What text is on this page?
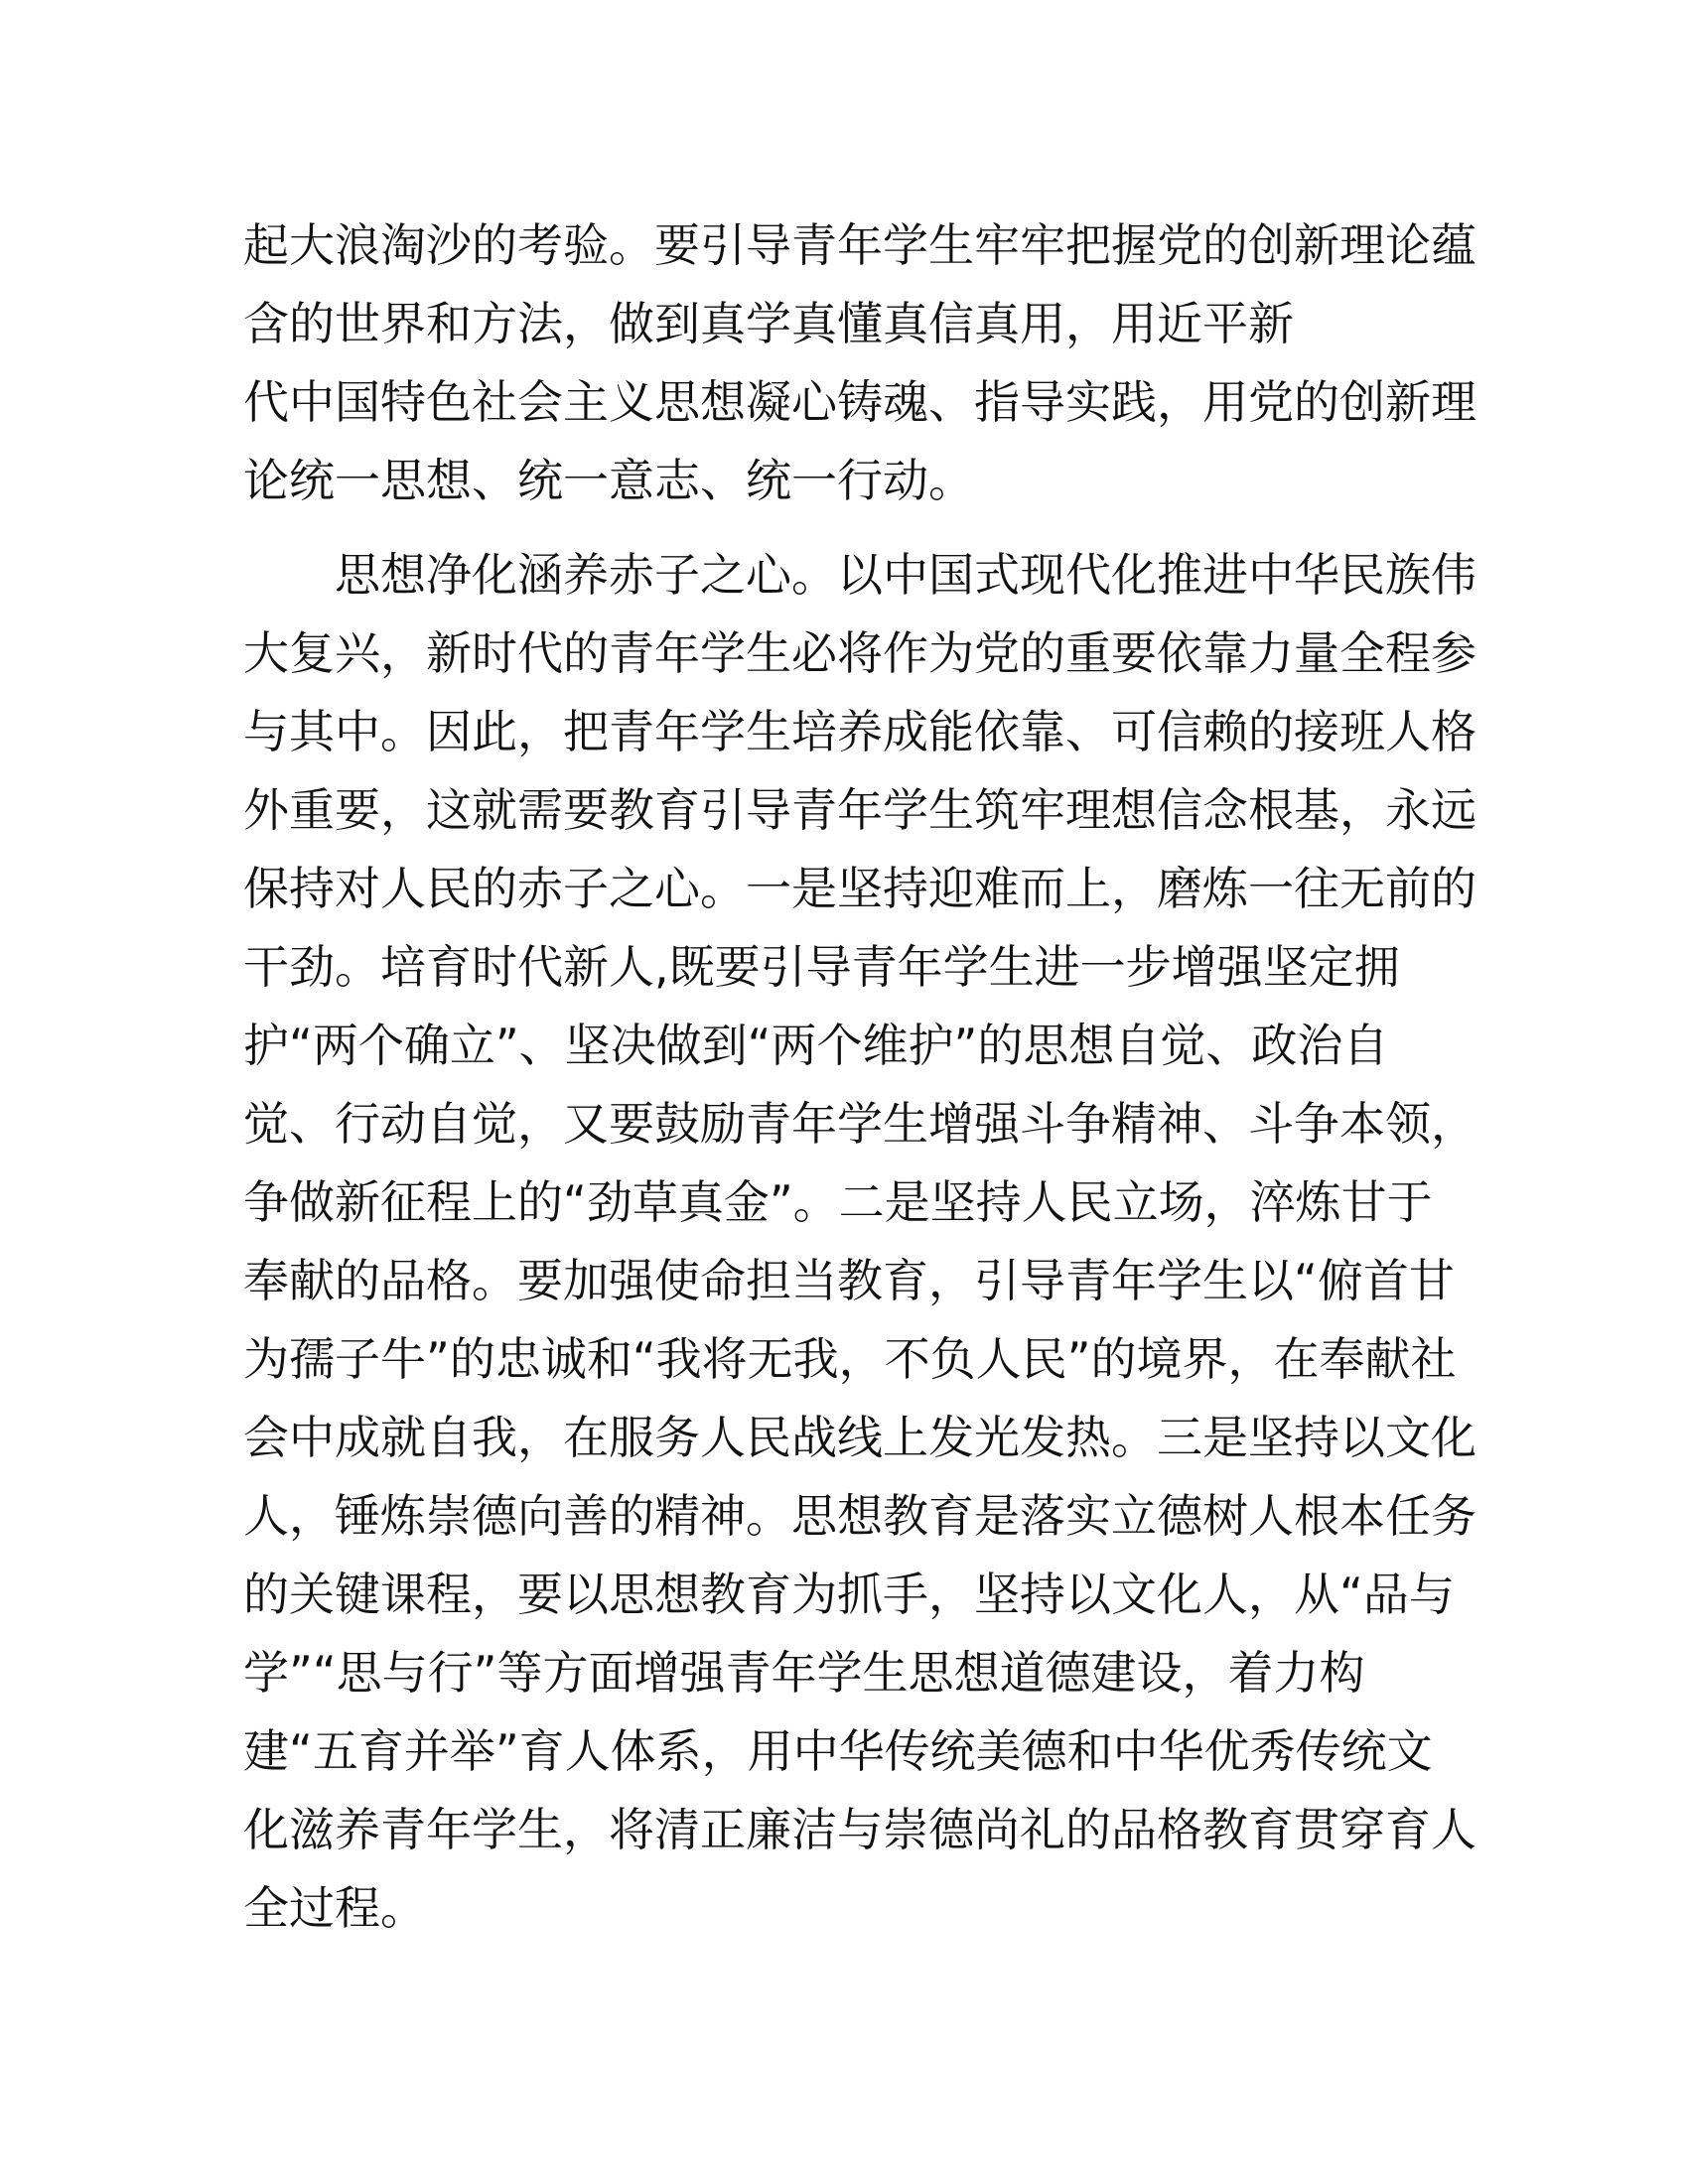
起大浪淘沙的考验。要引导青年学生牢牢把握党的创新理论蕴
含的世界和方法，做到真学真懂真信真用，用近平新
代中国特色社会主义思想凝心铸魂、指导实践，用党的创新理
论统一思想、统一意志、统一行动。
思想净化涵养赤子之心。以中国式现代化推进中华民族伟
大复兴，新时代的青年学生必将作为党的重要依靠力量全程参
与其中。因此，把青年学生培养成能依靠、可信赖的接班人格
外重要，这就需要教育引导青年学生筑牢理想信念根基，永远
保持对人民的赤子之心。一是坚持迎难而上，磨炼一往无前的
干劲。培育时代新人,既要引导青年学生进一步增强坚定拥
护“两个确立”、坚决做到“两个维护”的思想自觉、政治自
觉、行动自觉，又要鼓励青年学生增强斗争精神、斗争本领，
争做新征程上的“劲草真金”。二是坚持人民立场，淬炼甘于
奉献的品格。要加强使命担当教育，引导青年学生以“俯首甘
为孺子牛”的忠诚和“我将无我，不负人民”的境界，在奉献社
会中成就自我，在服务人民战线上发光发热。三是坚持以文化
人，锤炼崇德向善的精神。思想教育是落实立德树人根本任务
的关键课程，要以思想教育为抓手，坚持以文化人，从“品与
学”“思与行”等方面增强青年学生思想道德建设，着力构
建“五育并举”育人体系，用中华传统美德和中华优秀传统文
化滋养青年学生，将清正廉洁与崇德尚礼的品格教育贯穿育人
全过程。
